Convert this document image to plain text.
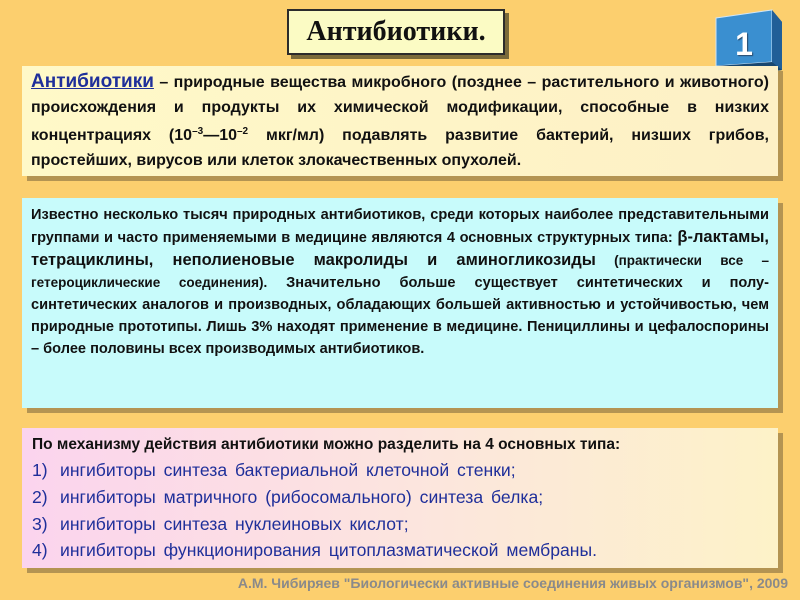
Антибиотики.	1
Антибиотики – природные вещества микробного (позднее – растительного и животного) происхождения и продукты их химической модификации, способные в низких концентрациях ($10^{-3}—10^{-2}$ мкг/мл) подавлять развитие бактерий, низших грибов, простейших, вирусов или клеток злокачественных опухолей.
Известно несколько тысяч природных антибиотиков, среди которых наиболее представительными группами и часто применяемыми в медицине являются 4 основных структурных типа: β-лактамы, тетрациклины, неполиеновые макролиды и аминогликозиды (практически все – гетероциклические соединения). Значительно больше существует синтетических и полу-синтетических аналогов и производных, обладающих большей активностью и устойчивостью, чем природные прототипы. Лишь 3% находят применение в медицине. Пенициллины и цефалоспорины – более половины всех производимых антибиотиков.
По механизму действия антибиотики можно разделить на 4 основных типа:
1) ингибиторы синтеза бактериальной клеточной стенки;
2) ингибиторы матричного (рибосомального) синтеза белка;
3) ингибиторы синтеза нуклеиновых кислот;
4) ингибиторы функционирования цитоплазматической мембраны.
А.М. Чибиряев "Биологически активные соединения живых организмов", 2009
